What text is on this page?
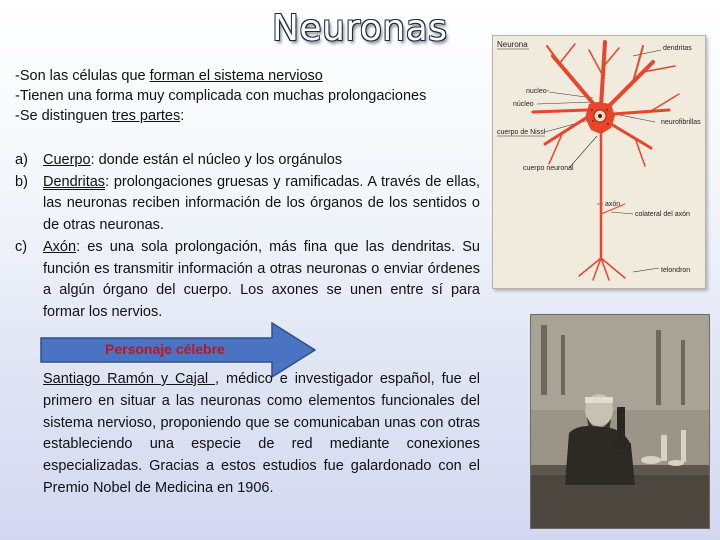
Neuronas
-Son las células que forman el sistema nervioso
-Tienen una forma muy complicada con muchas prolongaciones
-Se distinguen tres partes:
a)	Cuerpo: donde están el núcleo y los orgánulos
b)	Dendritas: prolongaciones gruesas y ramificadas. A través de ellas, las neuronas reciben información de los órganos de los sentidos o de otras neuronas.
c)	Axón: es una sola prolongación, más fina que las dendritas. Su función es transmitir información a otras neuronas o enviar órdenes a algún órgano del cuerpo. Los axones se unen entre sí para formar los nervios.
Personaje célebre
Santiago Ramón y Cajal , médico e investigador español, fue el primero en situar a las neuronas como elementos funcionales del sistema nervioso, proponiendo que se comunicaban unas con otras estableciendo una especie de red mediante conexiones especializadas. Gracias a estos estudios fue galardonado con el Premio Nobel de Medicina en 1906.
Neurona	dendritas
nucleo-
núcleo
neurofibrillas
cuerpo de Nissl
cuerpo neuronal
axón
colateral del axón
telondron
